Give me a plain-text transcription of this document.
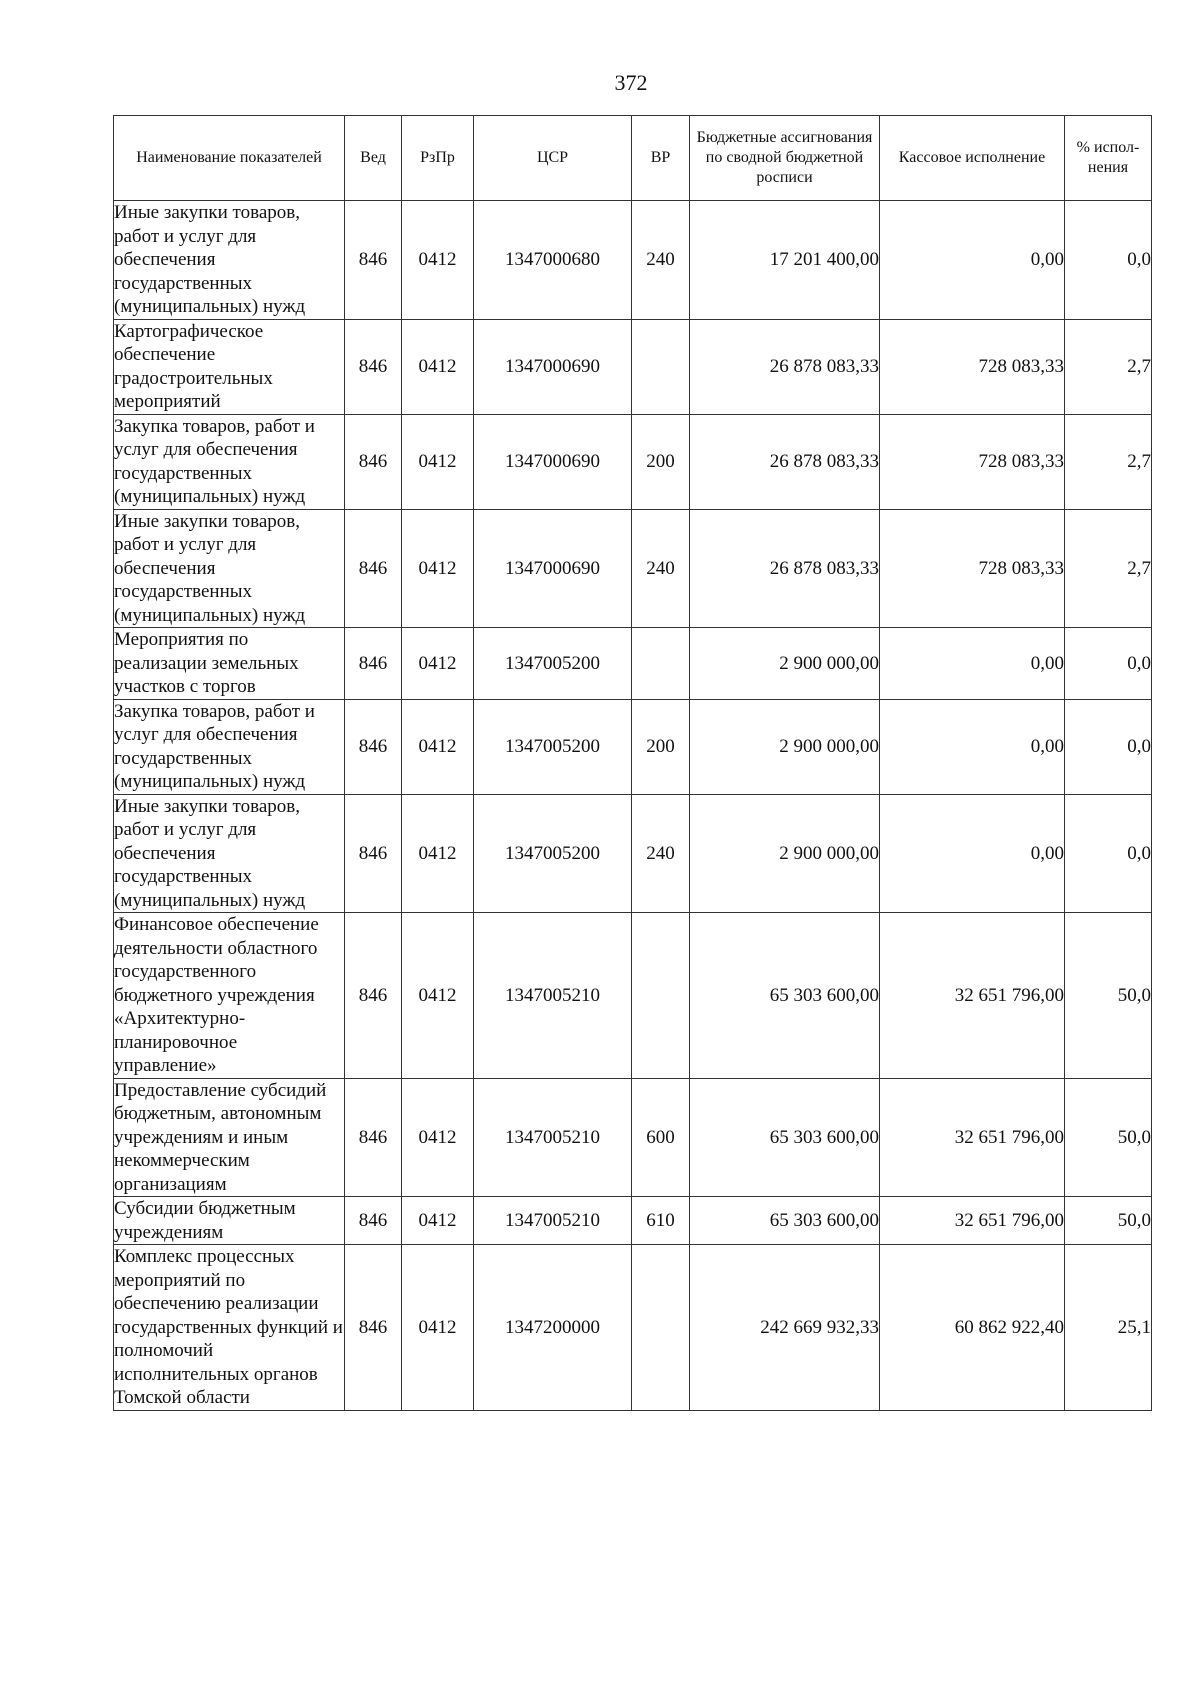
372
Наименование показателей	Вед	РзПр	ЦСР	ВР	Бюджетные ассигнования по сводной бюджетной росписи	Кассовое исполнение	% испол-нения
Иные закупки товаров, работ и услуг для обеспечения государственных (муниципальных) нужд	846	0412	1347000680	240	17 201 400,00	0,00	0,0
Картографическое обеспечение градостроительных мероприятий	846	0412	1347000690		26 878 083,33	728 083,33	2,7
Закупка товаров, работ и услуг для обеспечения государственных (муниципальных) нужд	846	0412	1347000690	200	26 878 083,33	728 083,33	2,7
Иные закупки товаров, работ и услуг для обеспечения государственных (муниципальных) нужд	846	0412	1347000690	240	26 878 083,33	728 083,33	2,7
Мероприятия по реализации земельных участков с торгов	846	0412	1347005200		2 900 000,00	0,00	0,0
Закупка товаров, работ и услуг для обеспечения государственных (муниципальных) нужд	846	0412	1347005200	200	2 900 000,00	0,00	0,0
Иные закупки товаров, работ и услуг для обеспечения государственных (муниципальных) нужд	846	0412	1347005200	240	2 900 000,00	0,00	0,0
Финансовое обеспечение деятельности областного государственного бюджетного учреждения «Архитектурно-планировочное управление»	846	0412	1347005210		65 303 600,00	32 651 796,00	50,0
Предоставление субсидий бюджетным, автономным учреждениям и иным некоммерческим организациям	846	0412	1347005210	600	65 303 600,00	32 651 796,00	50,0
Субсидии бюджетным учреждениям	846	0412	1347005210	610	65 303 600,00	32 651 796,00	50,0
Комплекс процессных мероприятий по обеспечению реализации государственных функций и полномочий исполнительных органов Томской области	846	0412	1347200000		242 669 932,33	60 862 922,40	25,1
